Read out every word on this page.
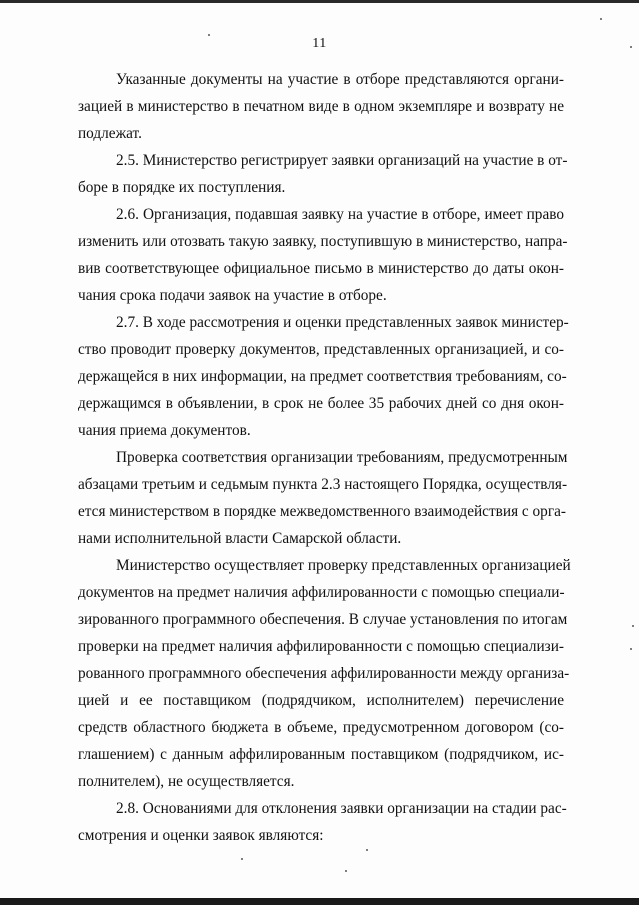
11

Указанные документы на участие в отборе представляются органи-
зацией в министерство в печатном виде в одном экземпляре и возврату не
подлежат.

2.5. Министерство регистрирует заявки организаций на участие в от-
боре в порядке их поступления.

2.6. Организация, подавшая заявку на участие в отборе, имеет право
изменить или отозвать такую заявку, поступившую в министерство, напра-
вив соответствующее официальное письмо в министерство до даты окон-
чания срока подачи заявок на участие в отборе.

2.7. В ходе рассмотрения и оценки представленных заявок министер-
ство проводит проверку документов, представленных организацией, и со-
держащейся в них информации, на предмет соответствия требованиям, со-
держащимся в объявлении, в срок не более 35 рабочих дней со дня окон-
чания приема документов.

Проверка соответствия организации требованиям, предусмотренным
абзацами третьим и седьмым пункта 2.3 настоящего Порядка, осуществля-
ется министерством в порядке межведомственного взаимодействия с орга-
нами исполнительной власти Самарской области.

Министерство осуществляет проверку представленных организацией
документов на предмет наличия аффилированности с помощью специали-
зированного программного обеспечения. В случае установления по итогам
проверки на предмет наличия аффилированности с помощью специализи-
рованного программного обеспечения аффилированности между организа-
цией и ее поставщиком (подрядчиком, исполнителем) перечисление
средств областного бюджета в объеме, предусмотренном договором (со-
глашением) с данным аффилированным поставщиком (подрядчиком, ис-
полнителем), не осуществляется.

2.8. Основаниями для отклонения заявки организации на стадии рас-
смотрения и оценки заявок являются:
